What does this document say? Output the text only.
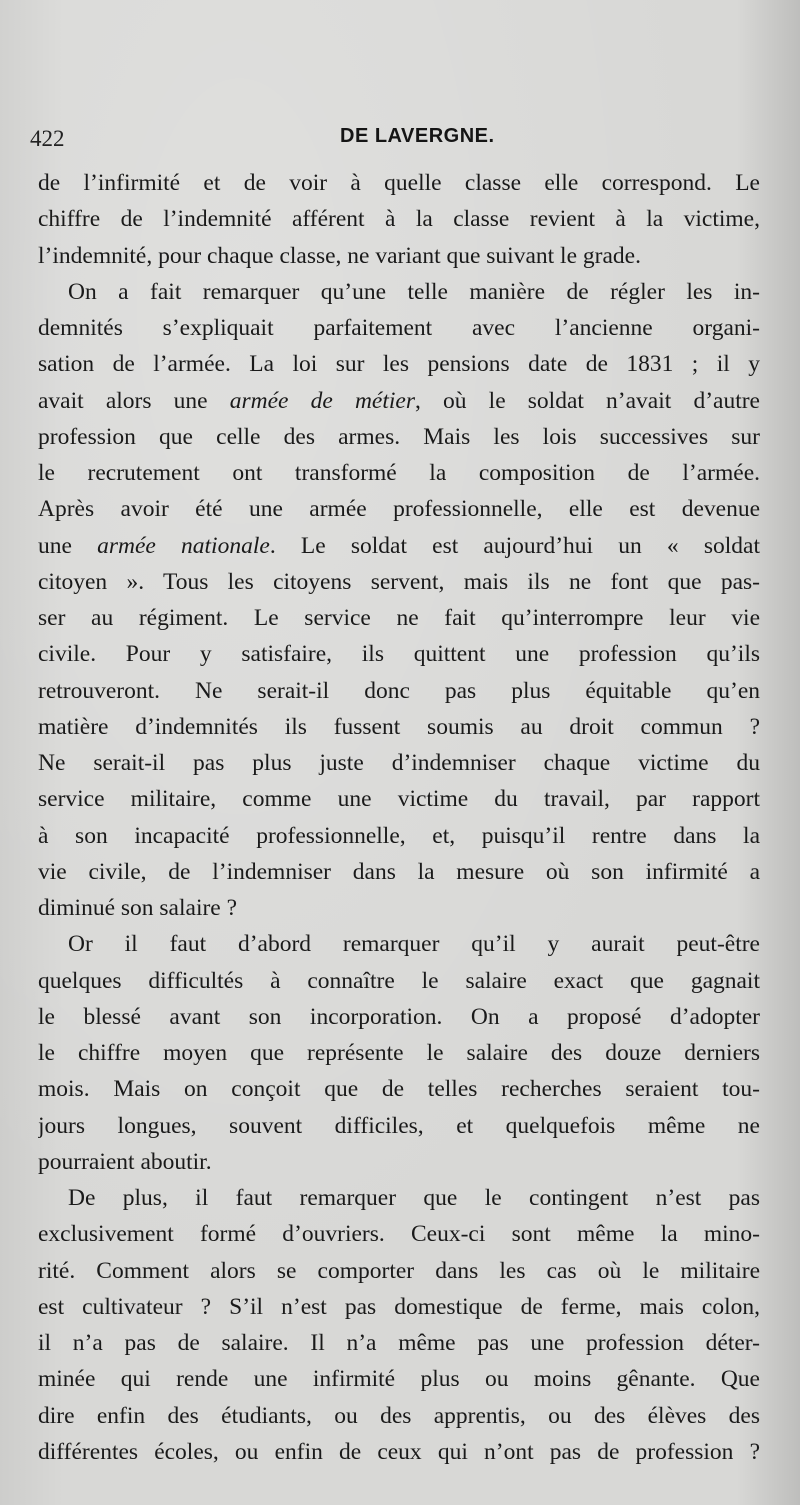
422	DE LAVERGNE.
de l’infirmité et de voir à quelle classe elle correspond. Le
chiffre de l’indemnité afférent à la classe revient à la victime,
l’indemnité, pour chaque classe, ne variant que suivant le grade.
On a fait remarquer qu’une telle manière de régler les in-
demnités s’expliquait parfaitement avec l’ancienne organi-
sation de l’armée. La loi sur les pensions date de 1831 ; il y
avait alors une armée de métier, où le soldat n’avait d’autre
profession que celle des armes. Mais les lois successives sur
le recrutement ont transformé la composition de l’armée.
Après avoir été une armée professionnelle, elle est devenue
une armée nationale. Le soldat est aujourd’hui un « soldat
citoyen ». Tous les citoyens servent, mais ils ne font que pas-
ser au régiment. Le service ne fait qu’interrompre leur vie
civile. Pour y satisfaire, ils quittent une profession qu’ils
retrouveront. Ne serait-il donc pas plus équitable qu’en
matière d’indemnités ils fussent soumis au droit commun ?
Ne serait-il pas plus juste d’indemniser chaque victime du
service militaire, comme une victime du travail, par rapport
à son incapacité professionnelle, et, puisqu’il rentre dans la
vie civile, de l’indemniser dans la mesure où son infirmité a
diminué son salaire ?
Or il faut d’abord remarquer qu’il y aurait peut-être
quelques difficultés à connaître le salaire exact que gagnait
le blessé avant son incorporation. On a proposé d’adopter
le chiffre moyen que représente le salaire des douze derniers
mois. Mais on conçoit que de telles recherches seraient tou-
jours longues, souvent difficiles, et quelquefois même ne
pourraient aboutir.
De plus, il faut remarquer que le contingent n’est pas
exclusivement formé d’ouvriers. Ceux-ci sont même la mino-
rité. Comment alors se comporter dans les cas où le militaire
est cultivateur ? S’il n’est pas domestique de ferme, mais colon,
il n’a pas de salaire. Il n’a même pas une profession déter-
minée qui rende une infirmité plus ou moins gênante. Que
dire enfin des étudiants, ou des apprentis, ou des élèves des
différentes écoles, ou enfin de ceux qui n’ont pas de profession ?
